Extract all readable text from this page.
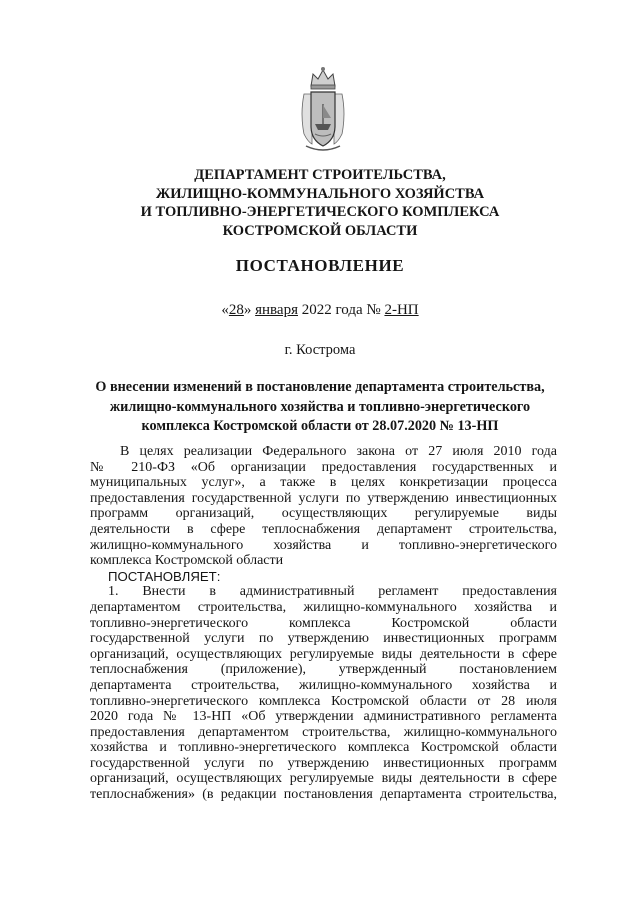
ДЕПАРТАМЕНТ СТРОИТЕЛЬСТВА,
ЖИЛИЩНО-КОММУНАЛЬНОГО ХОЗЯЙСТВА
И ТОПЛИВНО-ЭНЕРГЕТИЧЕСКОГО КОМПЛЕКСА
КОСТРОМСКОЙ ОБЛАСТИ
ПОСТАНОВЛЕНИЕ
«28» января 2022 года № 2-НП
г. Кострома
О внесении изменений в постановление департамента строительства,
жилищно-коммунального хозяйства и топливно-энергетического
комплекса Костромской области от 28.07.2020 № 13-НП
В целях реализации Федерального закона от 27 июля 2010 года
№ 210-ФЗ «Об организации предоставления государственных и
муниципальных услуг», а также в целях конкретизации процесса
предоставления государственной услуги по утверждению инвестиционных
программ организаций, осуществляющих регулируемые виды
деятельности в сфере теплоснабжения департамент строительства,
жилищно-коммунального хозяйства и топливно-энергетического
комплекса Костромской области
ПОСТАНОВЛЯЕТ:
1. Внести в административный регламент предоставления
департаментом строительства, жилищно-коммунального хозяйства и
топливно-энергетического комплекса Костромской области
государственной услуги по утверждению инвестиционных программ
организаций, осуществляющих регулируемые виды деятельности в сфере
теплоснабжения (приложение), утвержденный постановлением
департамента строительства, жилищно-коммунального хозяйства и
топливно-энергетического комплекса Костромской области от 28 июля
2020 года № 13-НП «Об утверждении административного регламента
предоставления департаментом строительства, жилищно-коммунального
хозяйства и топливно-энергетического комплекса Костромской области
государственной услуги по утверждению инвестиционных программ
организаций, осуществляющих регулируемые виды деятельности в сфере
теплоснабжения» (в редакции постановления департамента строительства,
